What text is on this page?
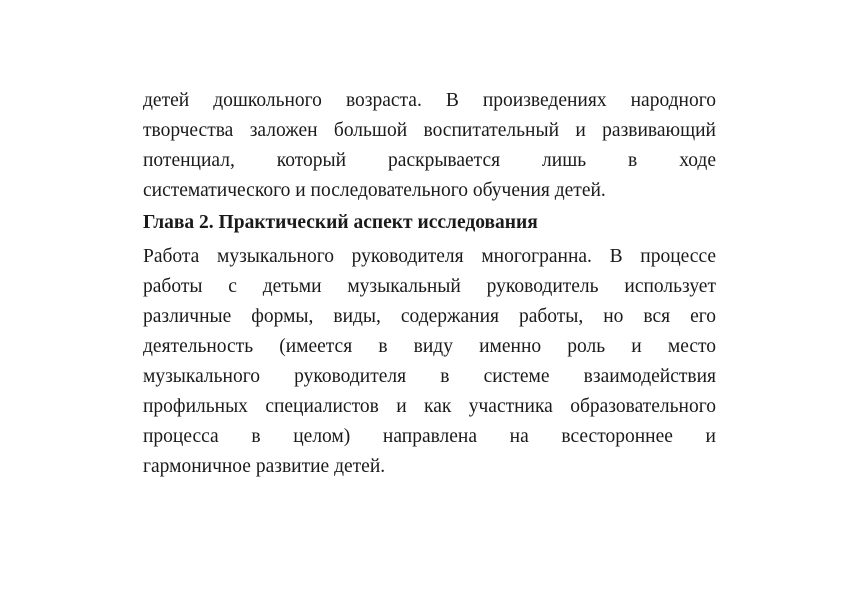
детей дошкольного возраста. В произведениях народного
творчества заложен большой воспитательный и развивающий
потенциал, который раскрывается лишь в ходе
систематического и последовательного обучения детей.
Глава 2. Практический аспект исследования
Работа музыкального руководителя многогранна. В процессе
работы с детьми музыкальный руководитель использует
различные формы, виды, содержания работы, но вся его
деятельность (имеется в виду именно роль и место
музыкального руководителя в системе взаимодействия
профильных специалистов и как участника образовательного
процесса в целом) направлена на всестороннее и
гармоничное развитие детей.
